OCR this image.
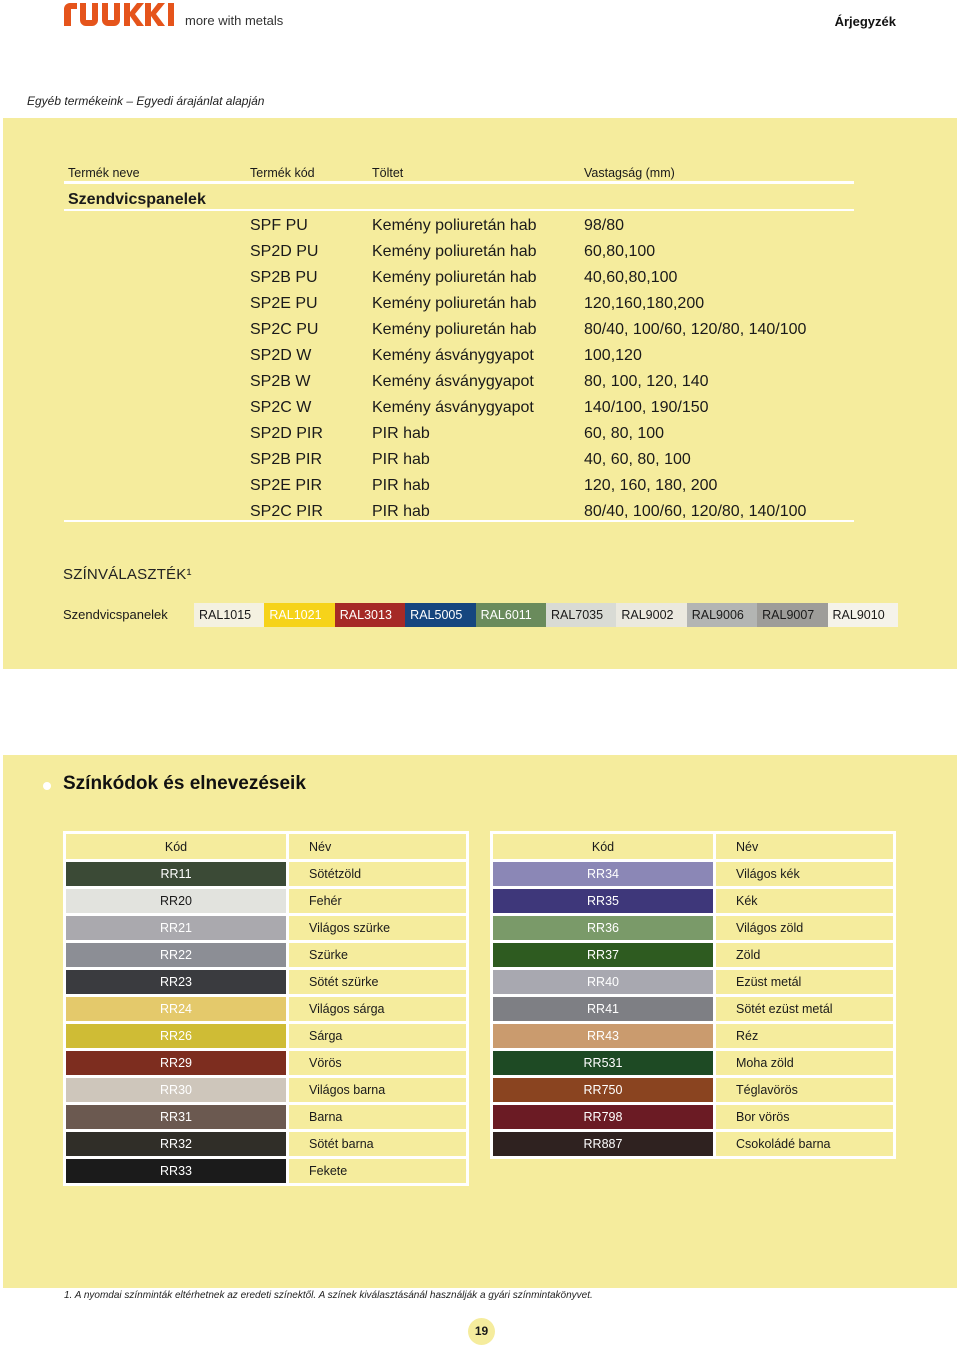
more with metals	Árjegyzék
Egyéb termékeink – Egyedi árajánlat alapján
Termék neve	Termék kód	Töltet	Vastagság (mm)
Szendvicspanelek
SPF PU	Kemény poliuretán hab	98/80
SP2D PU	Kemény poliuretán hab	60,80,100
SP2B PU	Kemény poliuretán hab	40,60,80,100
SP2E PU	Kemény poliuretán hab	120,160,180,200
SP2C PU	Kemény poliuretán hab	80/40, 100/60, 120/80, 140/100
SP2D W	Kemény ásványgyapot	100,120
SP2B W	Kemény ásványgyapot	80, 100, 120, 140
SP2C W	Kemény ásványgyapot	140/100, 190/150
SP2D PIR	PIR hab	60, 80, 100
SP2B PIR	PIR hab	40, 60, 80, 100
SP2E PIR	PIR hab	120, 160, 180, 200
SP2C PIR	PIR hab	80/40, 100/60, 120/80, 140/100
SZÍNVÁLASZTÉK¹
Szendvicspanelek	RAL1015	RAL1021	RAL3013	RAL5005	RAL6011	RAL7035	RAL9002	RAL9006	RAL9007	RAL9010
Színkódok és elnevezéseik
Kód	Név
RR11	Sötétzöld
RR20	Fehér
RR21	Világos szürke
RR22	Szürke
RR23	Sötét szürke
RR24	Világos sárga
RR26	Sárga
RR29	Vörös
RR30	Világos barna
RR31	Barna
RR32	Sötét barna
RR33	Fekete
Kód	Név
RR34	Világos kék
RR35	Kék
RR36	Világos zöld
RR37	Zöld
RR40	Ezüst metál
RR41	Sötét ezüst metál
RR43	Réz
RR531	Moha zöld
RR750	Téglavörös
RR798	Bor vörös
RR887	Csokoládé barna
1. A nyomdai színminták eltérhetnek az eredeti színektől. A színek kiválasztásánál használják a gyári színmintakönyvet.
19
